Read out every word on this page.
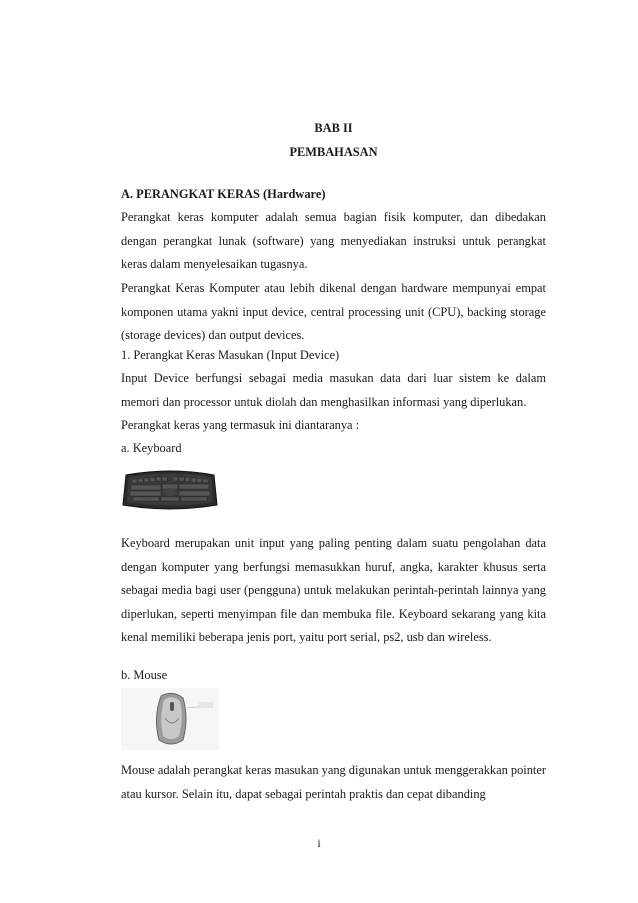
BAB II
PEMBAHASAN
A. PERANGKAT KERAS (Hardware)
Perangkat keras komputer adalah semua bagian fisik komputer, dan dibedakan dengan perangkat lunak (software) yang menyediakan instruksi untuk perangkat keras dalam menyelesaikan tugasnya.
Perangkat Keras Komputer atau lebih dikenal dengan hardware mempunyai empat komponen utama yakni input device, central processing unit (CPU), backing storage (storage devices) dan output devices.
1. Perangkat Keras Masukan (Input Device)
Input Device berfungsi sebagai media masukan data dari luar sistem ke dalam memori dan processor untuk diolah dan menghasilkan informasi yang diperlukan.
Perangkat keras yang termasuk ini diantaranya :
a. Keyboard
Keyboard merupakan unit input yang paling penting dalam suatu pengolahan data dengan komputer yang berfungsi memasukkan huruf, angka, karakter khusus serta sebagai media bagi user (pengguna) untuk melakukan perintah-perintah lainnya yang diperlukan, seperti menyimpan file dan membuka file. Keyboard sekarang yang kita kenal memiliki beberapa jenis port, yaitu port serial, ps2, usb dan wireless.
b. Mouse
Mouse adalah perangkat keras masukan yang digunakan untuk menggerakkan pointer atau kursor. Selain itu, dapat sebagai perintah praktis dan cepat dibanding
i
